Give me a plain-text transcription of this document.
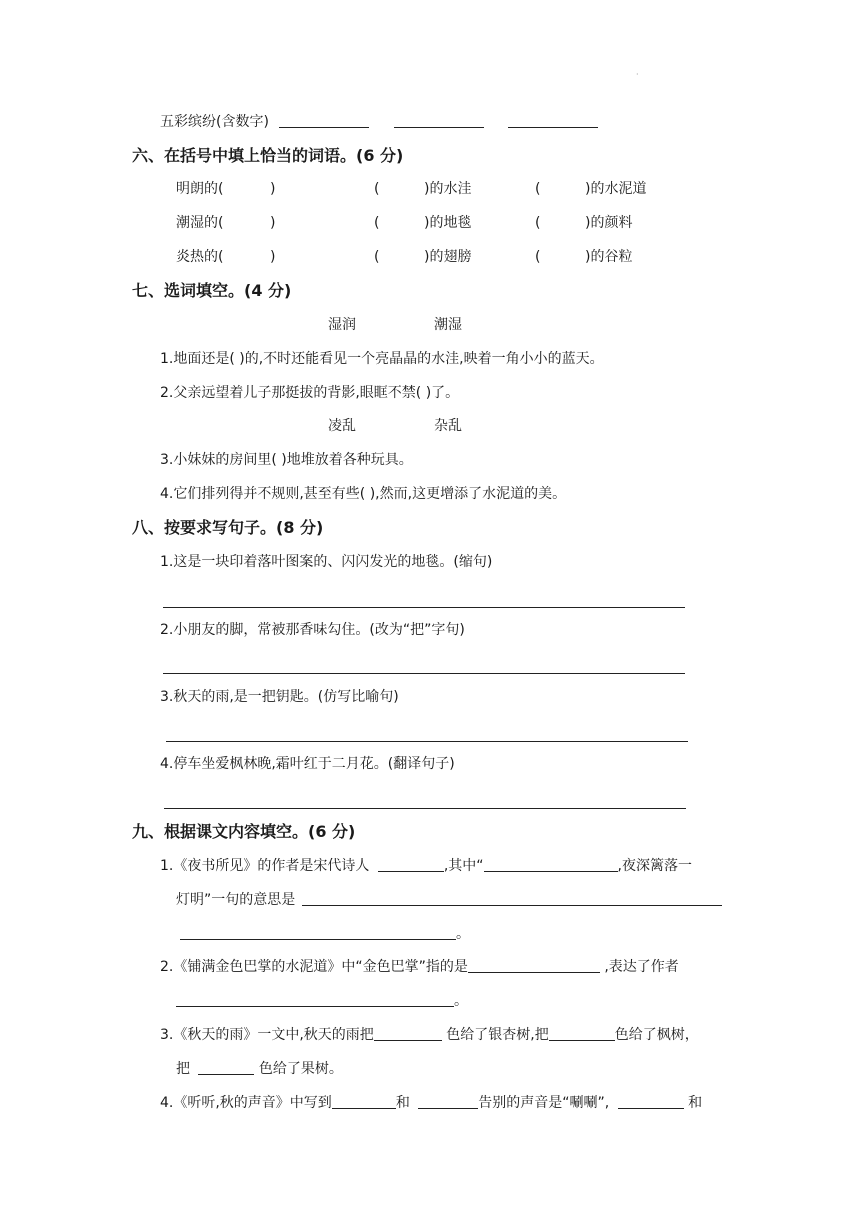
·
五彩缤纷(含数字)
六、在括号中填上恰当的词语。(6 分)
明朗的(	)	(	)的水洼	(	)的水泥道
潮湿的(	)	(	)的地毯	(	)的颜料
炎热的(	)	(	)的翅膀	(	)的谷粒
七、选词填空。(4 分)
湿润	潮湿
1.地面还是( )的,不时还能看见一个亮晶晶的水洼,映着一角小小的蓝天。
2.父亲远望着儿子那挺拔的背影,眼眶不禁( )了。
凌乱	杂乱
3.小妹妹的房间里( )地堆放着各种玩具。
4.它们排列得并不规则,甚至有些( ),然而,这更增添了水泥道的美。
八、按要求写句子。(8 分)
1.这是一块印着落叶图案的、闪闪发光的地毯。(缩句)
2.小朋友的脚，常被那香味勾住。(改为“把”字句)
3.秋天的雨,是一把钥匙。(仿写比喻句)
4.停车坐爱枫林晚,霜叶红于二月花。(翻译句子)
九、根据课文内容填空。(6 分)
1.《夜书所见》的作者是宋代诗人	,其中“	,夜深篱落一
灯明”一句的意思是
。
2.《铺满金色巴掌的水泥道》中“金色巴掌”指的是	,表达了作者
。
3.《秋天的雨》一文中,秋天的雨把	色给了银杏树,把	色给了枫树，
把	色给了果树。
4.《听听,秋的声音》中写到	和	告别的声音是“唰唰”,	和
